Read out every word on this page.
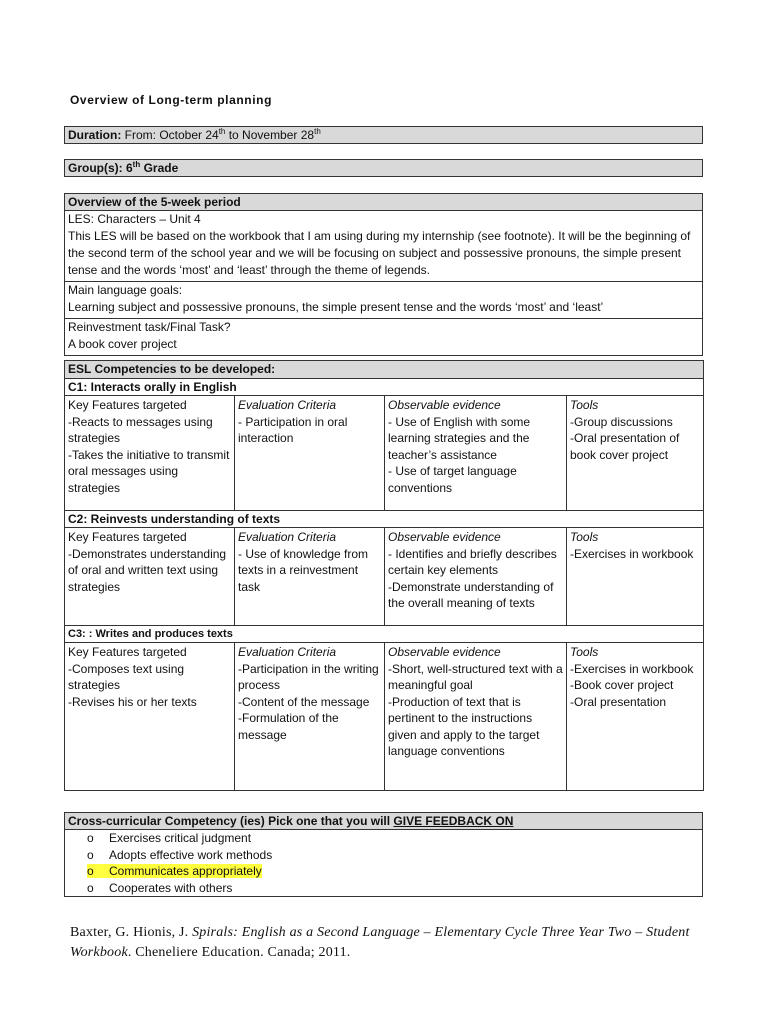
Overview of Long-term planning
Duration: From: October 24th to November 28th
Group(s): 6th Grade
Overview of the 5-week period
LES: Characters – Unit 4
This LES will be based on the workbook that I am using during my internship (see footnote). It will be the beginning of the second term of the school year and we will be focusing on subject and possessive pronouns, the simple present tense and the words ‘most’ and ‘least’ through the theme of legends.
Main language goals:
Learning subject and possessive pronouns, the simple present tense and the words ‘most’ and ‘least’
Reinvestment task/Final Task?
A book cover project
ESL Competencies to be developed:			
C1: Interacts orally in English			

Key Features targeted
-Reacts to messages using strategies
-Takes the initiative to transmit oral messages using strategies	Evaluation Criteria
- Participation in oral interaction	Observable evidence
- Use of English with some learning strategies and the teacher’s assistance
- Use of target language conventions	Tools
-Group discussions
-Oral presentation of book cover project

C2: Reinvests understanding of texts			

Key Features targeted
-Demonstrates understanding of oral and written text using strategies	Evaluation Criteria
- Use of knowledge from texts in a reinvestment task	Observable evidence
- Identifies and briefly describes certain key elements
-Demonstrate understanding of the overall meaning of texts	Tools
-Exercises in workbook

C3: : Writes and produces texts			

Key Features targeted
-Composes text using strategies
-Revises his or her texts	Evaluation Criteria
-Participation in the writing process
-Content of the message
-Formulation of the message	Observable evidence
-Short, well-structured text with a meaningful goal
-Production of text that is pertinent to the instructions given and apply to the target language conventions	Tools
-Exercises in workbook
-Book cover project
-Oral presentation
Cross-curricular Competency (ies) Pick one that you will GIVE FEEDBACK ON
o Exercises critical judgment
o Adopts effective work methods
o Communicates appropriately
o Cooperates with others
Baxter, G. Hionis, J. Spirals: English as a Second Language – Elementary Cycle Three Year Two – Student Workbook. Cheneliere Education. Canada; 2011.
